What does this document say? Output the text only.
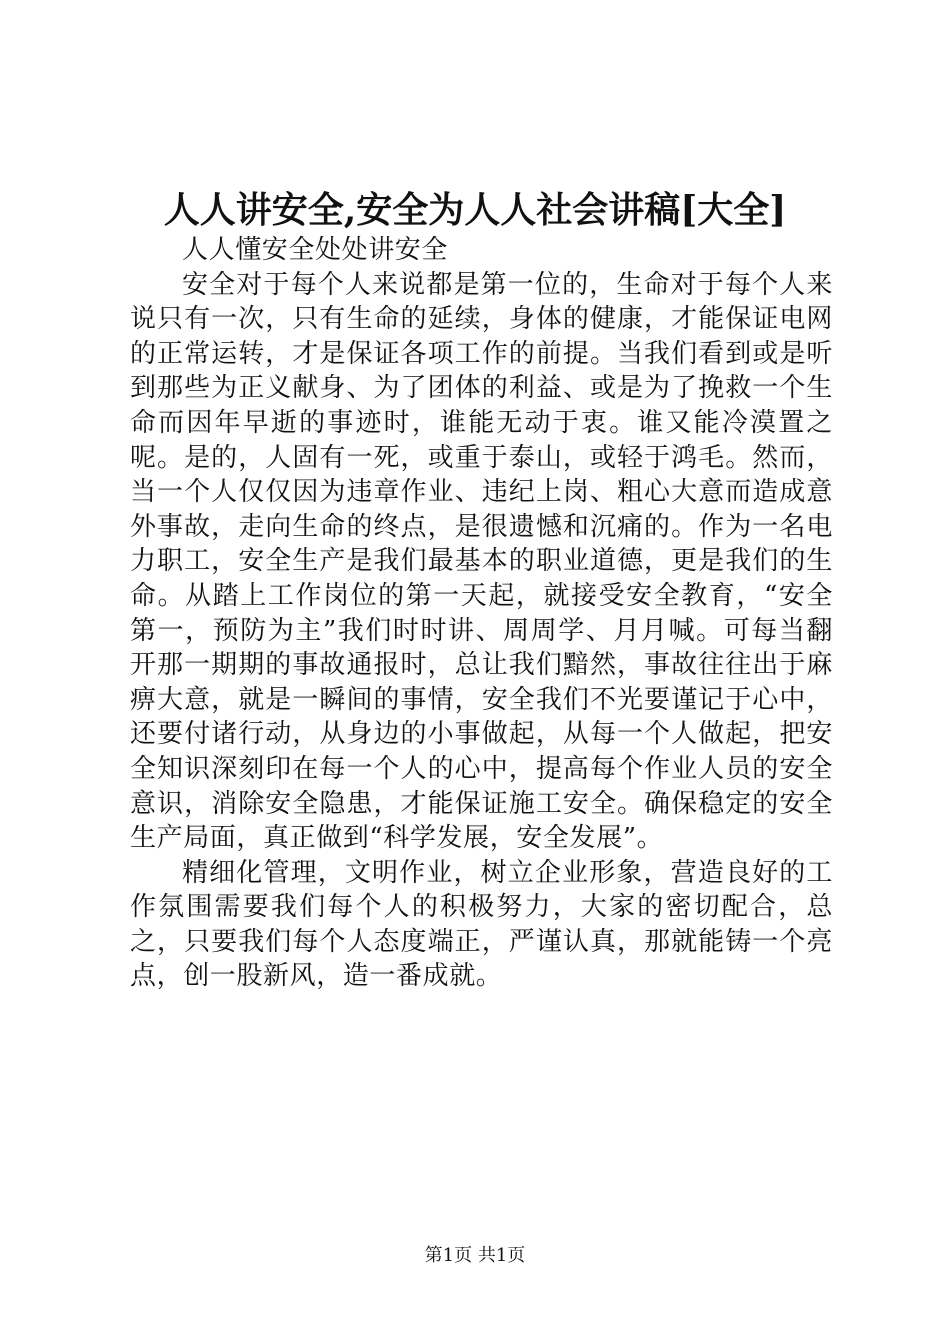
人人讲安全,安全为人人社会讲稿[大全]

人人懂安全处处讲安全

安全对于每个人来说都是第一位的，生命对于每个人来说只有一次，只有生命的延续，身体的健康，才能保证电网的正常运转，才是保证各项工作的前提。当我们看到或是听到那些为正义献身、为了团体的利益、或是为了挽救一个生命而因年早逝的事迹时，谁能无动于衷。谁又能冷漠置之呢。是的，人固有一死，或重于泰山，或轻于鸿毛。然而，当一个人仅仅因为违章作业、违纪上岗、粗心大意而造成意外事故，走向生命的终点，是很遗憾和沉痛的。作为一名电力职工，安全生产是我们最基本的职业道德，更是我们的生命。从踏上工作岗位的第一天起，就接受安全教育，“安全第一，预防为主”我们时时讲、周周学、月月喊。可每当翻开那一期期的事故通报时，总让我们黯然，事故往往出于麻痹大意，就是一瞬间的事情，安全我们不光要谨记于心中，还要付诸行动，从身边的小事做起，从每一个人做起，把安全知识深刻印在每一个人的心中，提高每个作业人员的安全意识，消除安全隐患，才能保证施工安全。确保稳定的安全生产局面，真正做到“科学发展，安全发展”。

精细化管理，文明作业，树立企业形象，营造良好的工作氛围需要我们每个人的积极努力，大家的密切配合，总之，只要我们每个人态度端正，严谨认真，那就能铸一个亮点，创一股新风，造一番成就。

第1页 共1页
